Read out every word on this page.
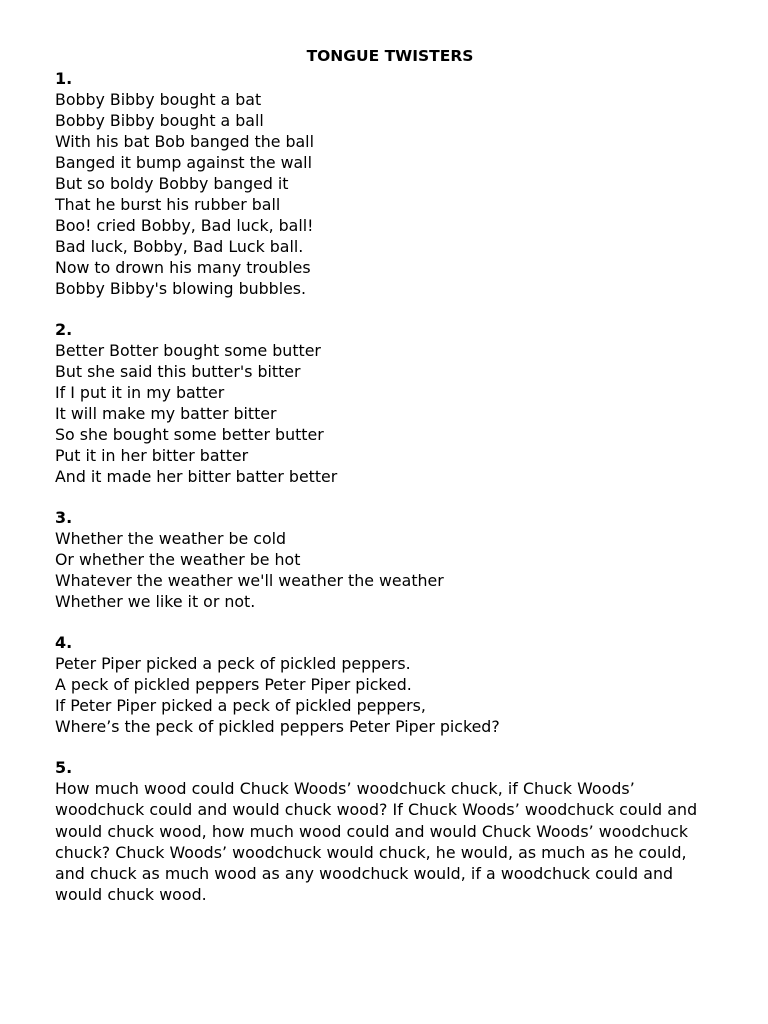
TONGUE TWISTERS
1.
Bobby Bibby bought a bat
Bobby Bibby bought a ball
With his bat Bob banged the ball
Banged it bump against the wall
But so boldy Bobby banged it
That he burst his rubber ball
Boo! cried Bobby, Bad luck, ball!
Bad luck, Bobby, Bad Luck ball.
Now to drown his many troubles
Bobby Bibby's blowing bubbles.
2.
Better Botter bought some butter
But she said this butter's bitter
If I put it in my batter
It will make my batter bitter
So she bought some better butter
Put it in her bitter batter
And it made her bitter batter better
3.
Whether the weather be cold
Or whether the weather be hot
Whatever the weather we'll weather the weather
Whether we like it or not.
4.
Peter Piper picked a peck of pickled peppers.
A peck of pickled peppers Peter Piper picked.
If Peter Piper picked a peck of pickled peppers,
Where’s the peck of pickled peppers Peter Piper picked?
5.
How much wood could Chuck Woods’ woodchuck chuck, if Chuck Woods’ woodchuck could and would chuck wood? If Chuck Woods’ woodchuck could and would chuck wood, how much wood could and would Chuck Woods’ woodchuck chuck? Chuck Woods’ woodchuck would chuck, he would, as much as he could, and chuck as much wood as any woodchuck would, if a woodchuck could and would chuck wood.
